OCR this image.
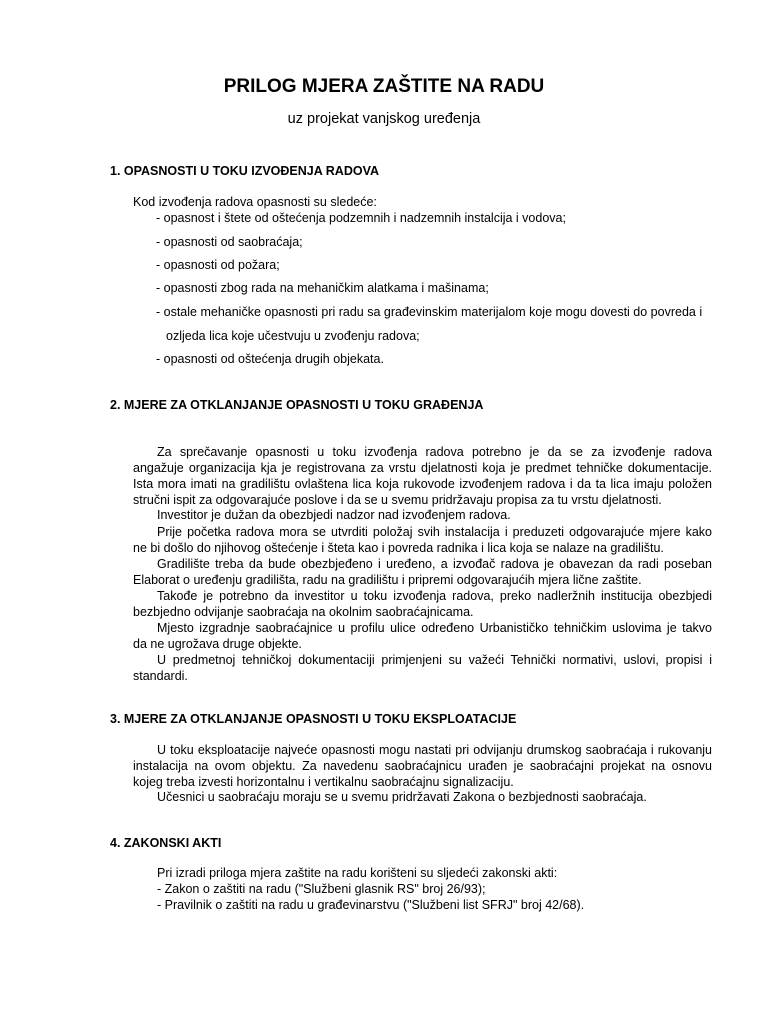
PRILOG MJERA ZAŠTITE NA RADU

uz projekat vanjskog uređenja

1. OPASNOSTI U TOKU IZVOĐENJA RADOVA

Kod izvođenja radova opasnosti su sledeće:

- opasnost i štete od oštećenja podzemnih i nadzemnih instalcija i vodova;

- opasnosti od saobraćaja;

- opasnosti od požara;

- opasnosti zbog rada na mehaničkim alatkama i mašinama;

- ostale mehaničke opasnosti pri radu sa građevinskim materijalom koje mogu dovesti do povreda i

ozljeda lica koje učestvuju u zvođenju radova;

- opasnosti od oštećenja drugih objekata.

2. MJERE ZA OTKLANJANJE OPASNOSTI U TOKU GRAĐENJA

Za sprečavanje opasnosti u toku izvođenja radova potrebno je da se za izvođenje radova

angažuje organizacija kja je registrovana za vrstu djelatnosti koja je predmet tehničke dokumentacije.

Ista mora imati na gradilištu ovlaštena lica koja rukovode izvođenjem radova i da ta lica imaju položen

stručni ispit za odgovarajuće poslove i da se u svemu pridržavaju propisa za tu vrstu djelatnosti.

Investitor je dužan da obezbjedi nadzor nad izvođenjem radova.

Prije početka radova mora se utvrditi položaj svih instalacija i preduzeti odgovarajuće mjere kako

ne bi došlo do njihovog oštećenje i šteta kao i povreda radnika i lica koja se nalaze na gradilištu.

Gradilište treba da bude obezbjeđeno i uređeno, a izvođač radova je obavezan da radi poseban

Elaborat o uređenju gradilišta, radu na gradilištu i pripremi odgovarajućih mjera lične zaštite.

Takođe je potrebno da investitor u toku izvođenja radova, preko nadleržnih institucija obezbjedi

bezbjedno odvijanje saobraćaja na okolnim saobraćajnicama.

Mjesto izgradnje saobraćajnice u profilu ulice određeno Urbanističko tehničkim uslovima je takvo

da ne ugrožava druge objekte.

U predmetnoj tehničkoj dokumentaciji primjenjeni su važeći Tehnički normativi, uslovi, propisi i

standardi.

3. MJERE ZA OTKLANJANJE OPASNOSTI U TOKU EKSPLOATACIJE

U toku eksploatacije najveće opasnosti mogu nastati pri odvijanju drumskog saobraćaja i rukovanju

instalacija na ovom objektu. Za navedenu saobraćajnicu urađen je saobraćajni projekat na osnovu

kojeg treba izvesti horizontalnu i vertikalnu saobraćajnu signalizaciju.

Učesnici u saobraćaju moraju se u svemu pridržavati Zakona o bezbjednosti saobraćaja.

4. ZAKONSKI AKTI

Pri izradi priloga mjera zaštite na radu korišteni su sljedeći zakonski akti:

- Zakon o zaštiti na radu ("Službeni glasnik RS" broj 26/93);

- Pravilnik o zaštiti na radu u građevinarstvu ("Službeni list SFRJ" broj 42/68).
